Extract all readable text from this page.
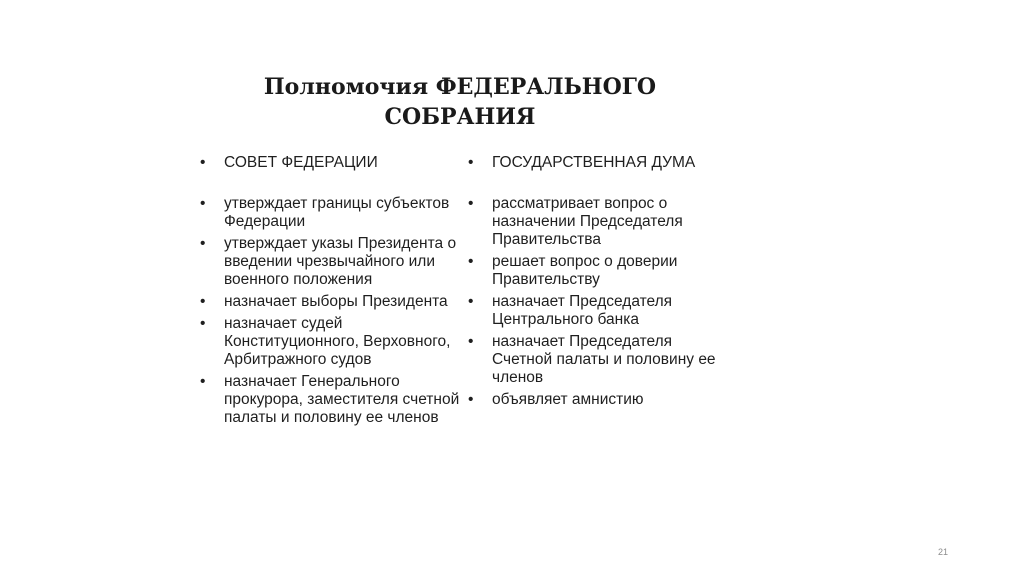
Полномочия ФЕДЕРАЛЬНОГО
СОБРАНИЯ
• СОВЕТ ФЕДЕРАЦИИ
• утверждает границы субъектов Федерации
• утверждает указы Президента о введении чрезвычайного или военного положения
• назначает выборы Президента
• назначает судей Конституционного, Верховного, Арбитражного судов
• назначает Генерального прокурора, заместителя счетной палаты и половину ее членов
• ГОСУДАРСТВЕННАЯ ДУМА
• рассматривает вопрос о назначении Председателя Правительства
• решает вопрос о доверии Правительству
• назначает Председателя Центрального банка
• назначает Председателя Счетной палаты и половину ее членов
• объявляет амнистию
21
